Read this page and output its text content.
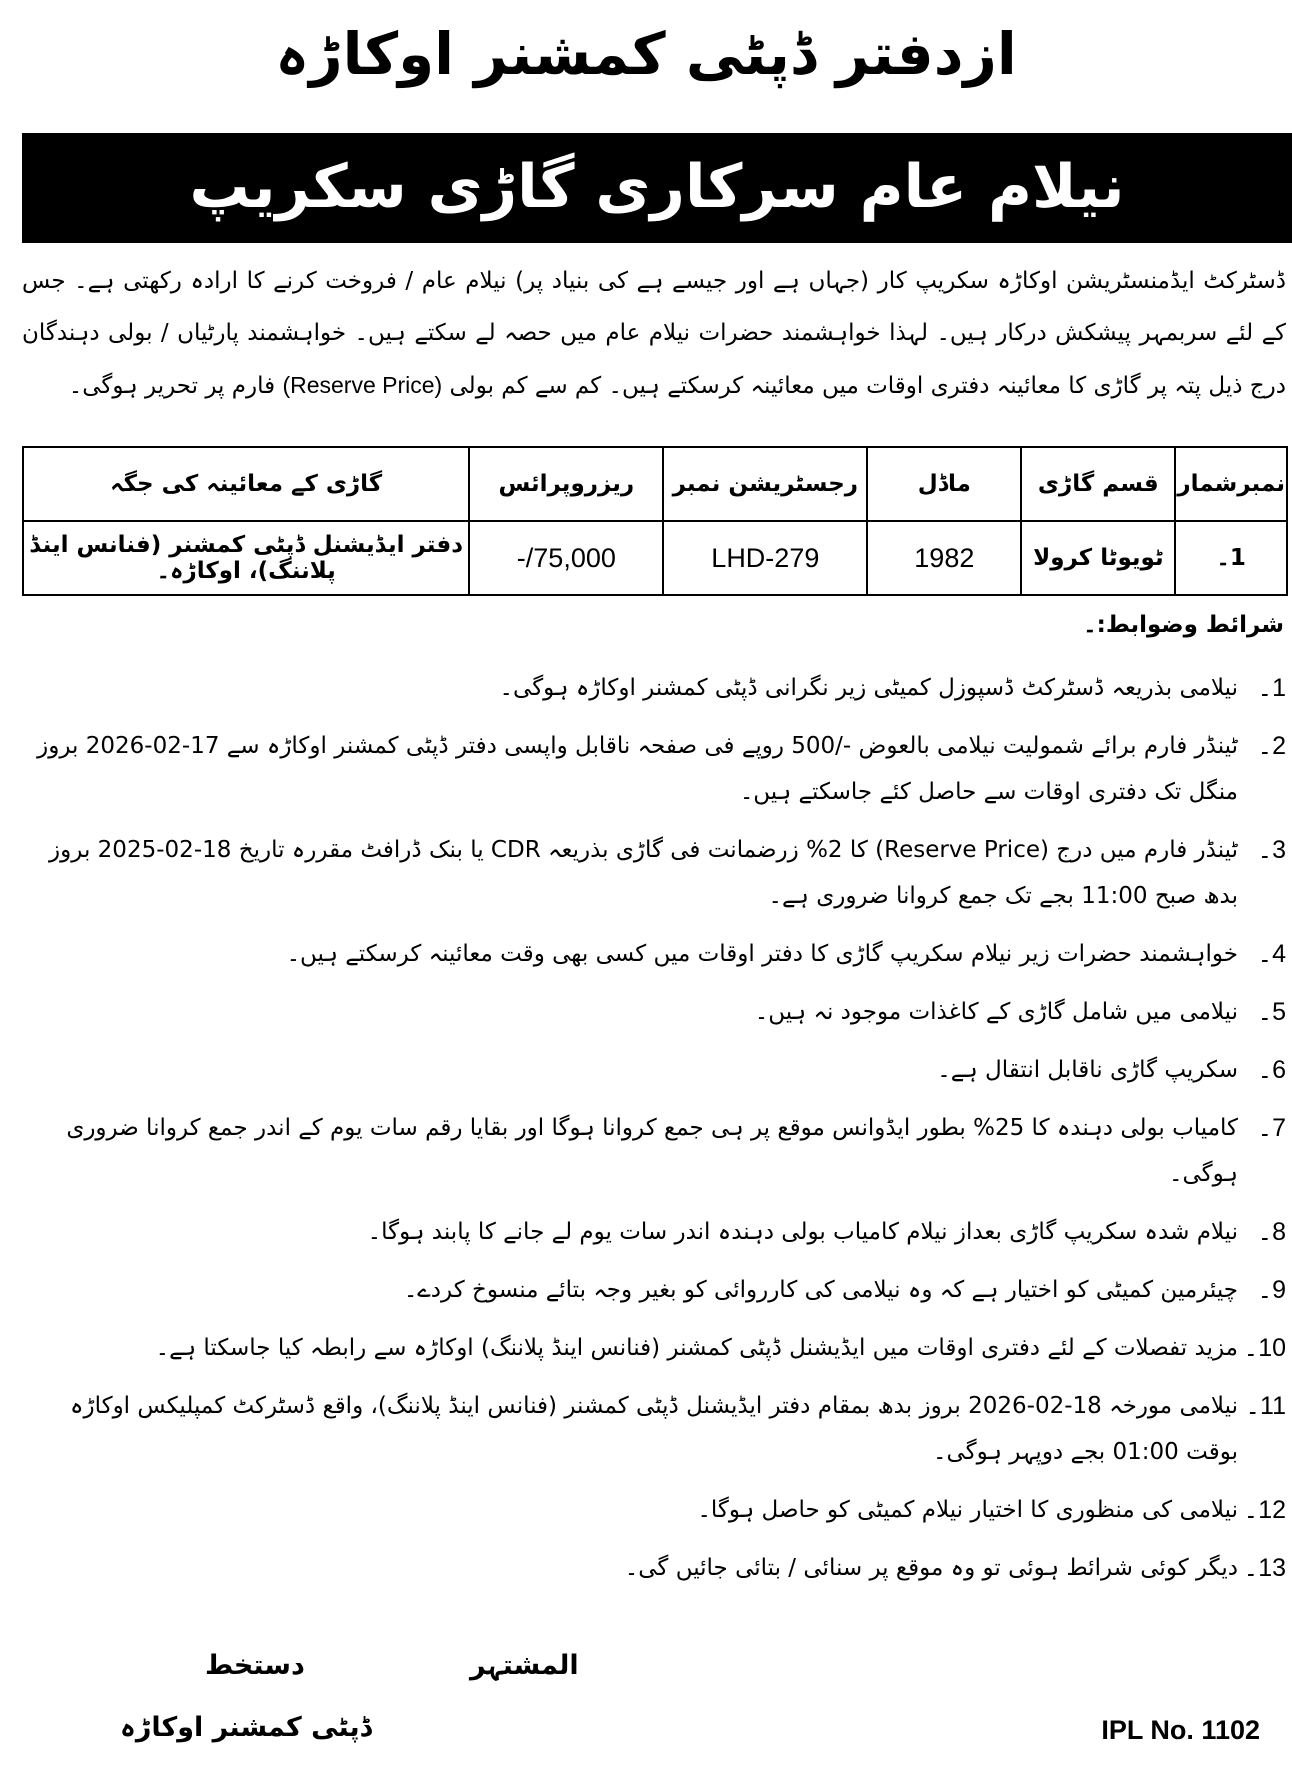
ازدفتر ڈپٹی کمشنر اوکاڑہ
نیلام عام سرکاری گاڑی سکریپ
ڈسٹرکٹ ایڈمنسٹریشن اوکاڑہ سکریپ کار (جہاں ہے اور جیسے ہے کی بنیاد پر) نیلام عام / فروخت کرنے کا ارادہ رکھتی ہے۔ جس کے لئے سربمہر پیشکش درکار ہیں۔ لہذا خواہشمند حضرات نیلام عام میں حصہ لے سکتے ہیں۔ خواہشمند پارٹیاں / بولی دہندگان درج ذیل پتہ پر گاڑی کا معائینہ دفتری اوقات میں معائینہ کرسکتے ہیں۔ کم سے کم بولی (Reserve Price) فارم پر تحریر ہوگی۔
نمبرشمار	قسم گاڑی	ماڈل	رجسٹریشن نمبر	ریزروپرائس	گاڑی کے معائینہ کی جگہ
1۔	ٹویوٹا کرولا	1982	LHD-279	75,000/-	دفتر ایڈیشنل ڈپٹی کمشنر (فنانس اینڈ پلاننگ)، اوکاڑہ۔
شرائط وضوابط:۔
1۔
نیلامی بذریعہ ڈسٹرکٹ ڈسپوزل کمیٹی زیر نگرانی ڈپٹی کمشنر اوکاڑہ ہوگی۔
2۔
ٹینڈر فارم برائے شمولیت نیلامی بالعوض -/500 روپے فی صفحہ ناقابل واپسی دفتر ڈپٹی کمشنر اوکاڑہ سے 17-02-2026 بروز منگل تک دفتری اوقات سے حاصل کئے جاسکتے ہیں۔
3۔
ٹینڈر فارم میں درج (Reserve Price) کا 2% زرضمانت فی گاڑی بذریعہ CDR یا بنک ڈرافٹ مقررہ تاریخ 18-02-2025 بروز بدھ صبح 11:00 بجے تک جمع کروانا ضروری ہے۔
4۔
خواہشمند حضرات زیر نیلام سکریپ گاڑی کا دفتر اوقات میں کسی بھی وقت معائینہ کرسکتے ہیں۔
5۔
نیلامی میں شامل گاڑی کے کاغذات موجود نہ ہیں۔
6۔
سکریپ گاڑی ناقابل انتقال ہے۔
7۔
کامیاب بولی دہندہ کا 25% بطور ایڈوانس موقع پر ہی جمع کروانا ہوگا اور بقایا رقم سات یوم کے اندر جمع کروانا ضروری ہوگی۔
8۔
نیلام شدہ سکریپ گاڑی بعداز نیلام کامیاب بولی دہندہ اندر سات یوم لے جانے کا پابند ہوگا۔
9۔
چیئرمین کمیٹی کو اختیار ہے کہ وہ نیلامی کی کارروائی کو بغیر وجہ بتائے منسوخ کردے۔
10۔
مزید تفصلات کے لئے دفتری اوقات میں ایڈیشنل ڈپٹی کمشنر (فنانس اینڈ پلاننگ) اوکاڑہ سے رابطہ کیا جاسکتا ہے۔
11۔
نیلامی مورخہ 18-02-2026 بروز بدھ بمقام دفتر ایڈیشنل ڈپٹی کمشنر (فنانس اینڈ پلاننگ)، واقع ڈسٹرکٹ کمپلیکس اوکاڑہ بوقت 01:00 بجے دوپہر ہوگی۔
12۔
نیلامی کی منظوری کا اختیار نیلام کمیٹی کو حاصل ہوگا۔
13۔
دیگر کوئی شرائط ہوئی تو وہ موقع پر سنائی / بتائی جائیں گی۔
المشتہر
دستخط
ڈپٹی کمشنر اوکاڑہ	IPL No. 1102
